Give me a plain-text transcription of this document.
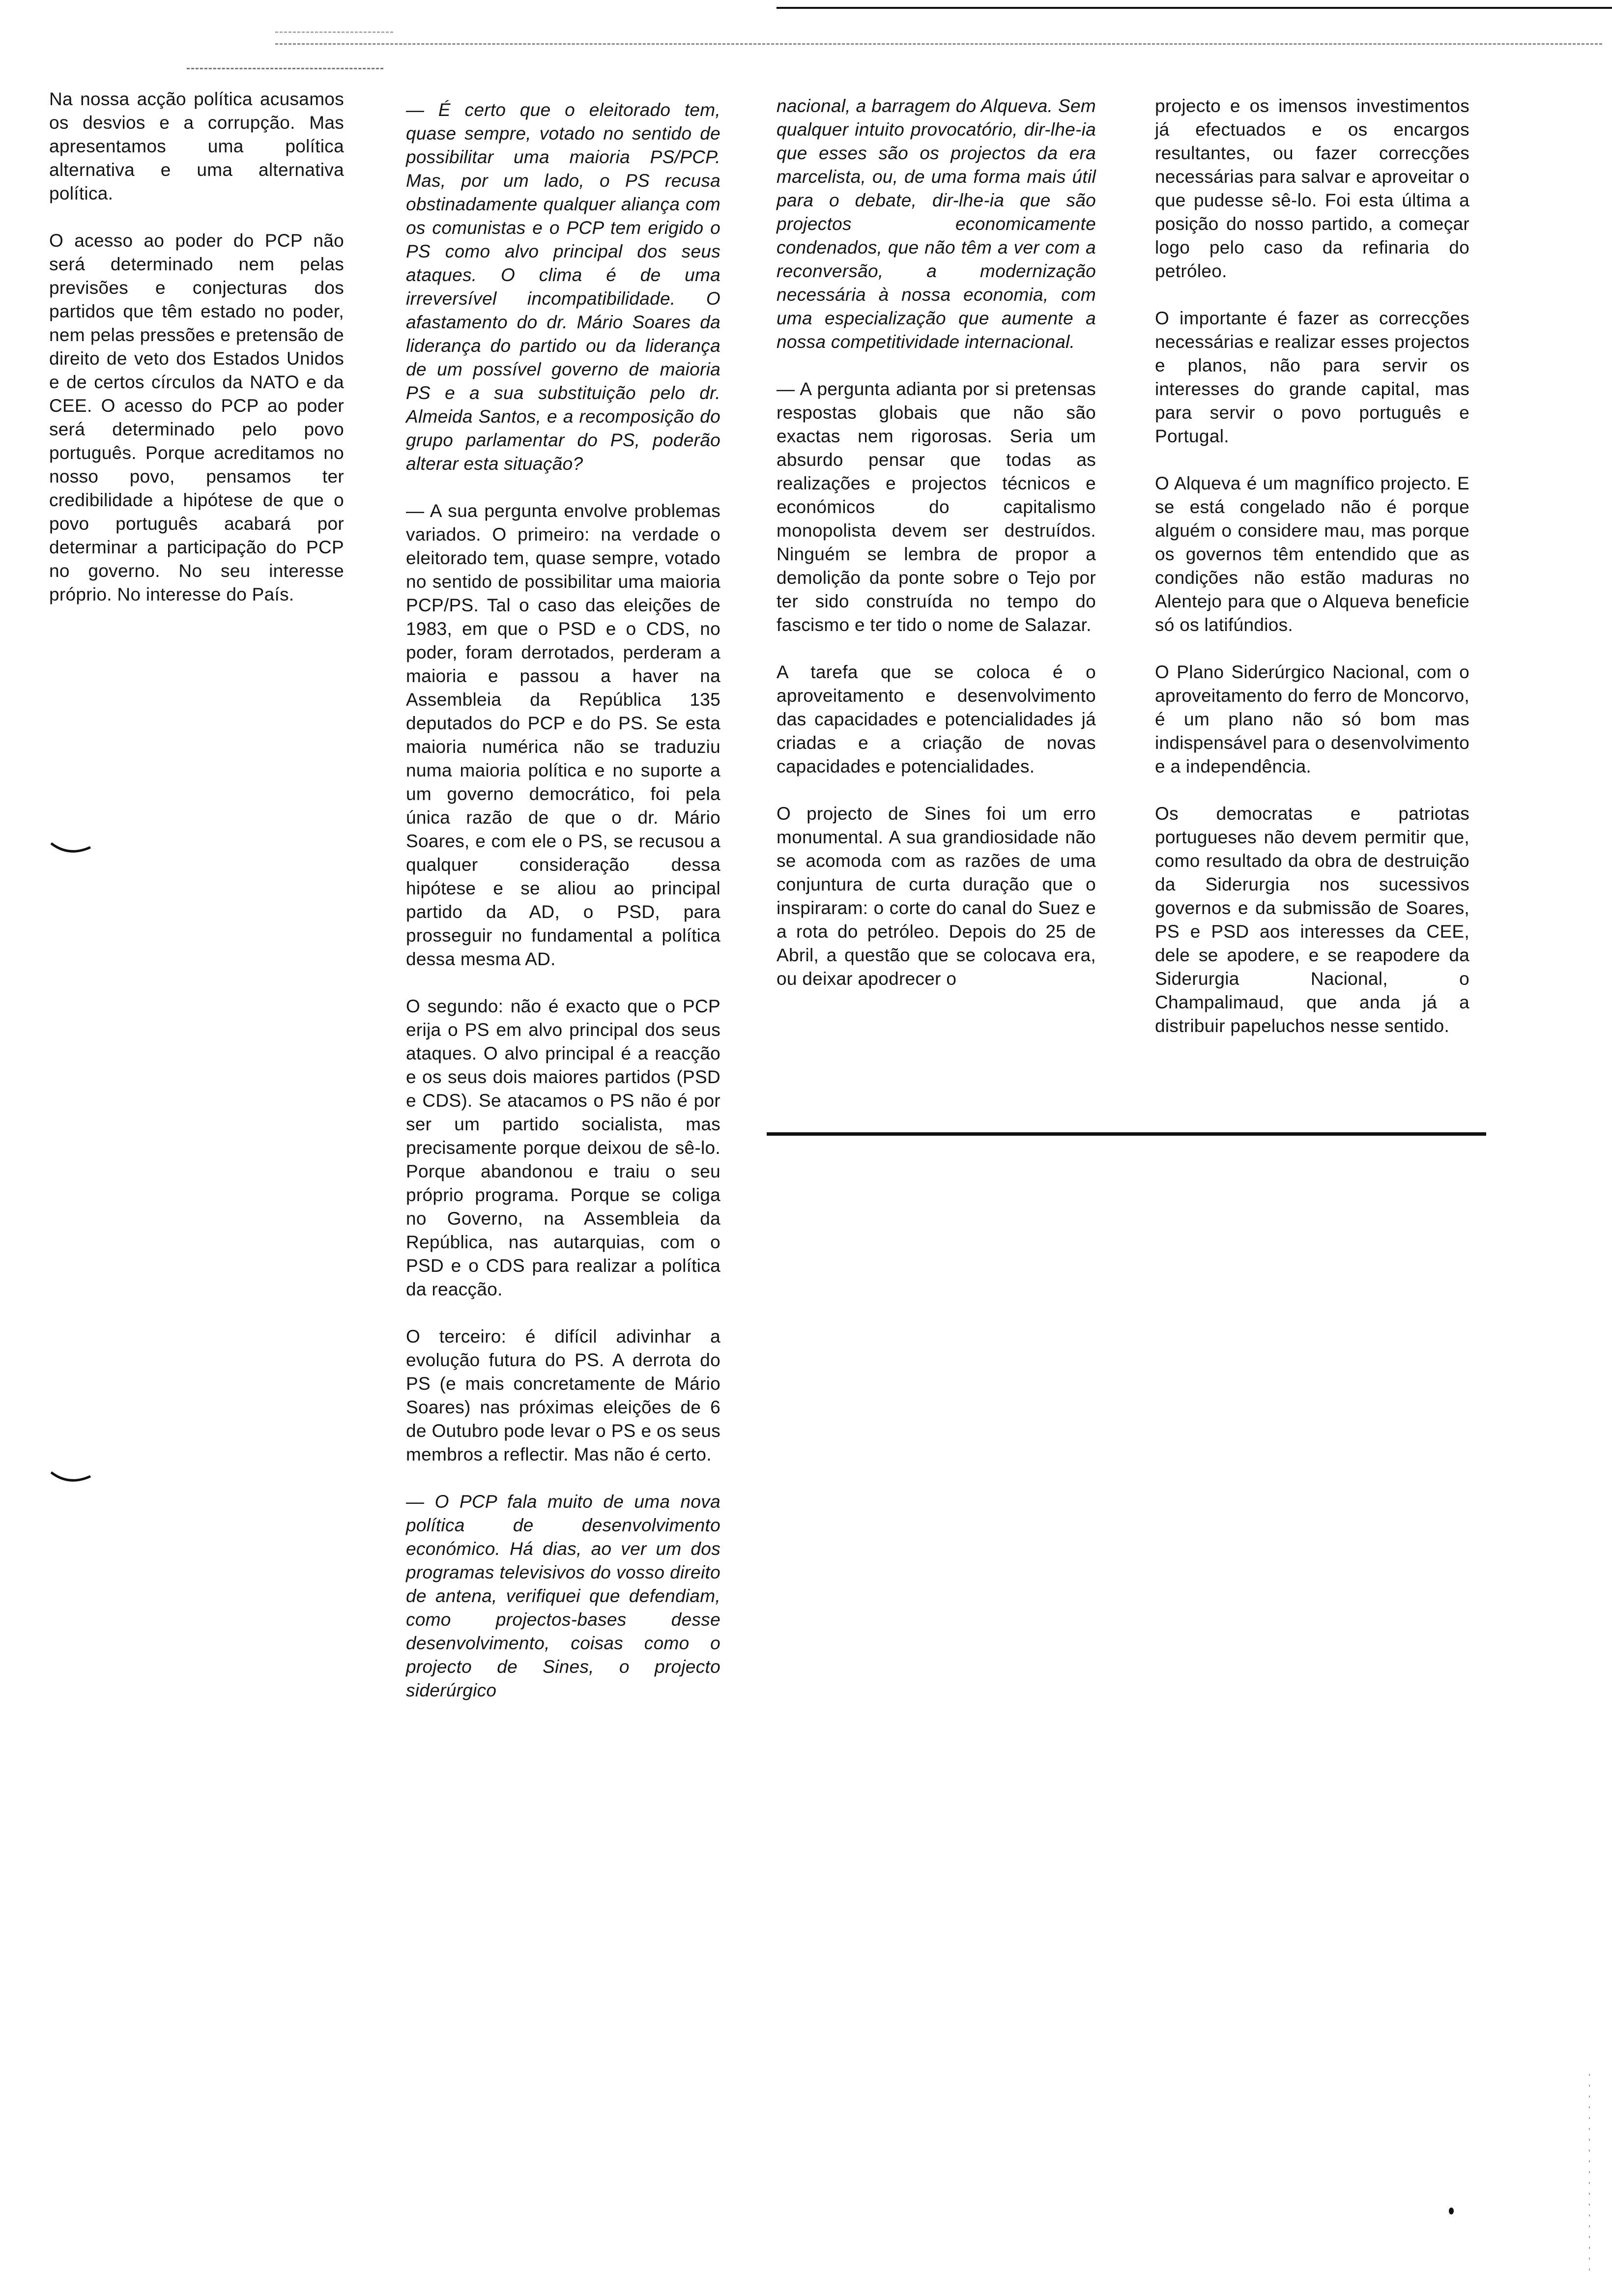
Na nossa acção política acusamos os desvios e a corrupção. Mas apresentamos uma política alternativa e uma alternativa política.

O acesso ao poder do PCP não será determinado nem pelas previsões e conjecturas dos partidos que têm estado no poder, nem pelas pressões e pretensão de direito de veto dos Estados Unidos e de certos círculos da NATO e da CEE. O acesso do PCP ao poder será determinado pelo povo português. Porque acreditamos no nosso povo, pensamos ter credibilidade a hipótese de que o povo português acabará por determinar a participação do PCP no governo. No seu interesse próprio. No interesse do País.

— É certo que o eleitorado tem, quase sempre, votado no sentido de possibilitar uma maioria PS/PCP. Mas, por um lado, o PS recusa obstinadamente qualquer aliança com os comunistas e o PCP tem erigido o PS como alvo principal dos seus ataques. O clima é de uma irreversível incompatibilidade. O afastamento do dr. Mário Soares da liderança do partido ou da liderança de um possível governo de maioria PS e a sua substituição pelo dr. Almeida Santos, e a recomposição do grupo parlamentar do PS, poderão alterar esta situação?

— A sua pergunta envolve problemas variados. O primeiro: na verdade o eleitorado tem, quase sempre, votado no sentido de possibilitar uma maioria PCP/PS. Tal o caso das eleições de 1983, em que o PSD e o CDS, no poder, foram derrotados, perderam a maioria e passou a haver na Assembleia da República 135 deputados do PCP e do PS. Se esta maioria numérica não se traduziu numa maioria política e no suporte a um governo democrático, foi pela única razão de que o dr. Mário Soares, e com ele o PS, se recusou a qualquer consideração dessa hipótese e se aliou ao principal partido da AD, o PSD, para prosseguir no fundamental a política dessa mesma AD.

O segundo: não é exacto que o PCP erija o PS em alvo principal dos seus ataques. O alvo principal é a reacção e os seus dois maiores partidos (PSD e CDS). Se atacamos o PS não é por ser um partido socialista, mas precisamente porque deixou de sê-lo. Porque abandonou e traiu o seu próprio programa. Porque se coliga no Governo, na Assembleia da República, nas autarquias, com o PSD e o CDS para realizar a política da reacção.

O terceiro: é difícil adivinhar a evolução futura do PS. A derrota do PS (e mais concretamente de Mário Soares) nas próximas eleições de 6 de Outubro pode levar o PS e os seus membros a reflectir. Mas não é certo.

— O PCP fala muito de uma nova política de desenvolvimento económico. Há dias, ao ver um dos programas televisivos do vosso direito de antena, verifiquei que defendiam, como projectos-bases desse desenvolvimento, coisas como o projecto de Sines, o projecto siderúrgico

nacional, a barragem do Alqueva. Sem qualquer intuito provocatório, dir-lhe-ia que esses são os projectos da era marcelista, ou, de uma forma mais útil para o debate, dir-lhe-ia que são projectos economicamente condenados, que não têm a ver com a reconversão, a modernização necessária à nossa economia, com uma especialização que aumente a nossa competitividade internacional.

— A pergunta adianta por si pretensas respostas globais que não são exactas nem rigorosas. Seria um absurdo pensar que todas as realizações e projectos técnicos e económicos do capitalismo monopolista devem ser destruídos. Ninguém se lembra de propor a demolição da ponte sobre o Tejo por ter sido construída no tempo do fascismo e ter tido o nome de Salazar.

A tarefa que se coloca é o aproveitamento e desenvolvimento das capacidades e potencialidades já criadas e a criação de novas capacidades e potencialidades.

O projecto de Sines foi um erro monumental. A sua grandiosidade não se acomoda com as razões de uma conjuntura de curta duração que o inspiraram: o corte do canal do Suez e a rota do petróleo. Depois do 25 de Abril, a questão que se colocava era, ou deixar apodrecer o

projecto e os imensos investimentos já efectuados e os encargos resultantes, ou fazer correcções necessárias para salvar e aproveitar o que pudesse sê-lo. Foi esta última a posição do nosso partido, a começar logo pelo caso da refinaria do petróleo.

O importante é fazer as correcções necessárias e realizar esses projectos e planos, não para servir os interesses do grande capital, mas para servir o povo português e Portugal.

O Alqueva é um magnífico projecto. E se está congelado não é porque alguém o considere mau, mas porque os governos têm entendido que as condições não estão maduras no Alentejo para que o Alqueva beneficie só os latifúndios.

O Plano Siderúrgico Nacional, com o aproveitamento do ferro de Moncorvo, é um plano não só bom mas indispensável para o desenvolvimento e a independência.

Os democratas e patriotas portugueses não devem permitir que, como resultado da obra de destruição da Siderurgia nos sucessivos governos e da submissão de Soares, PS e PSD aos interesses da CEE, dele se apodere, e se reapodere da Siderurgia Nacional, o Champalimaud, que anda já a distribuir papeluchos nesse sentido.
